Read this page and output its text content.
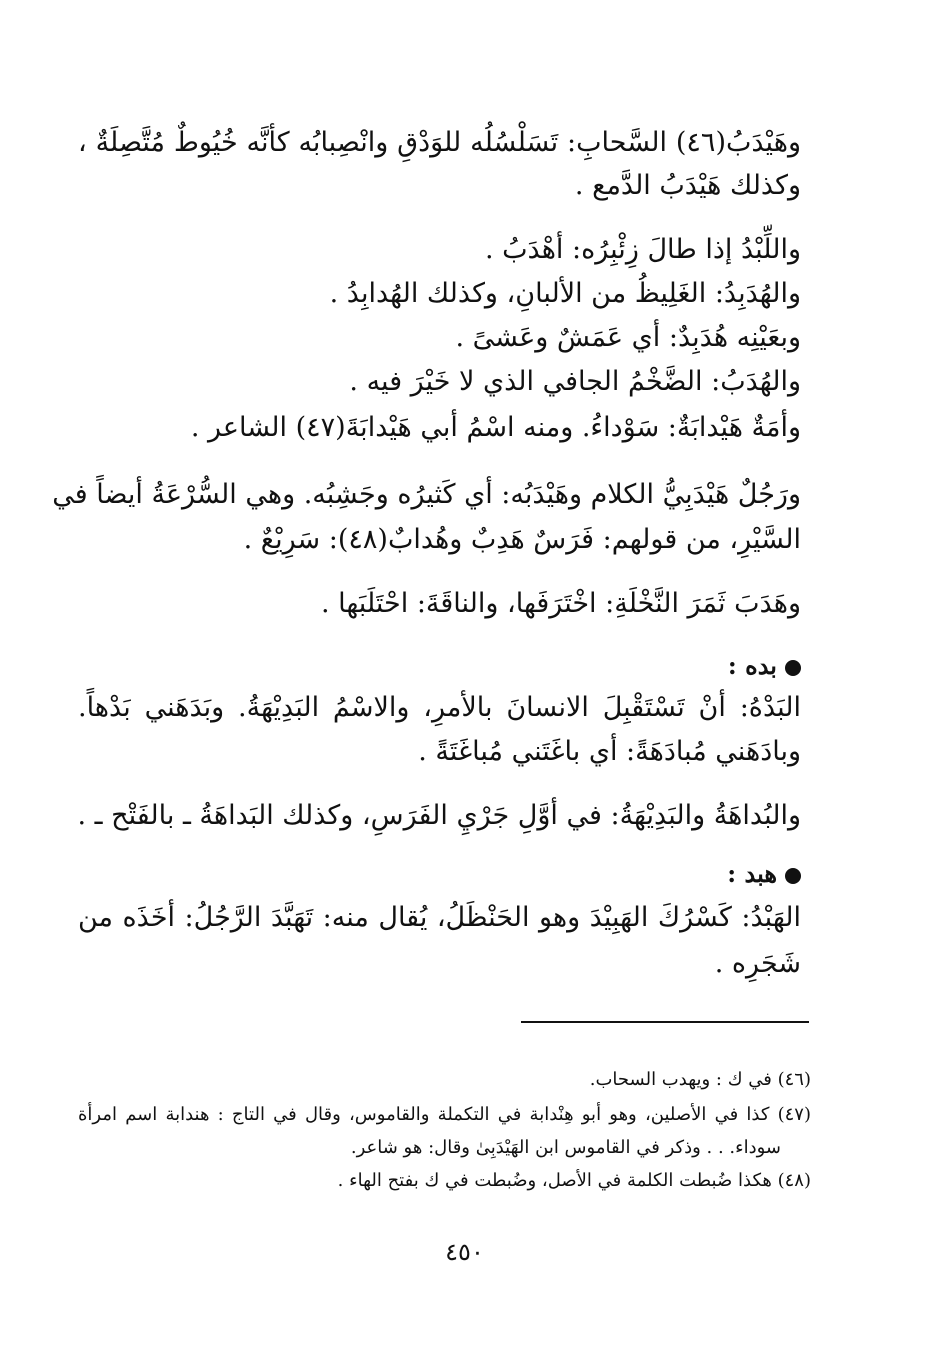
وهَيْدَبُ(٤٦) السَّحابِ: تَسَلْسُلُه للوَدْقِ وانْصِبابُه كأنَّه خُيُوطٌ مُتَّصِلَةٌ ،
وكذلك هَيْدَبُ الدَّمع .
واللِّبْدُ إذا طالَ زِئْبِرُه: أهْدَبُ .
والهُدَبِدُ: الغَلِيظُ من الألبانِ، وكذلك الهُدابِدُ .
وبعَيْنِه هُدَبِدٌ: أي عَمَشٌ وعَشىً .
والهُدَبُ: الضَّخْمُ الجافي الذي لا خَيْرَ فيه .
وأمَةٌ هَيْدابَةٌ: سَوْداءُ. ومنه اسْمُ أبي هَيْدابَةَ(٤٧) الشاعر .
ورَجُلٌ هَيْدَبِيُّ الكلام وهَيْدَبُه: أي كَثيرُه وجَشِبُه. وهي السُّرْعَةُ أيضاً في
السَّيْرِ، من قولهم: فَرَسٌ هَدِبٌ وهُدابٌ(٤٨): سَرِيْعٌ .
وهَدَبَ ثَمَرَ النَّخْلَةِ: اخْتَرَفَها، والناقَةَ: احْتَلَبَها .
بده :
البَدْهُ: أنْ تَسْتَقْبِلَ الانسانَ بالأمرِ، والاسْمُ البَدِيْهَةُ. وبَدَهَني بَدْهاً.
وبادَهَني مُبادَهَةً: أي باغَتَني مُباغَتَةً .
والبُداهَةُ والبَدِيْهَةُ: في أوَّلِ جَرْيِ الفَرَسِ، وكذلك البَداهَةُ ـ بالفَتْح ـ .
هبد :
الهَبْدُ: كَسْرُكَ الهَبِيْدَ وهو الحَنْظَلُ، يُقال منه: تَهَبَّدَ الرَّجُلُ: أخَذَه من
شَجَرِه .
(٤٦) في ك : ويهدب السحاب.
(٤٧) كذا في الأصلين، وهو أبو هِنْدابة في التكملة والقاموس، وقال في التاج : هندابة اسم امرأة
سوداء. . . وذكر في القاموس ابن الهَيْدَبِىٰ وقال: هو شاعر.
(٤٨) هكذا ضُبطت الكلمة في الأصل، وضُبطت في ك بفتح الهاء .
٤٥٠
